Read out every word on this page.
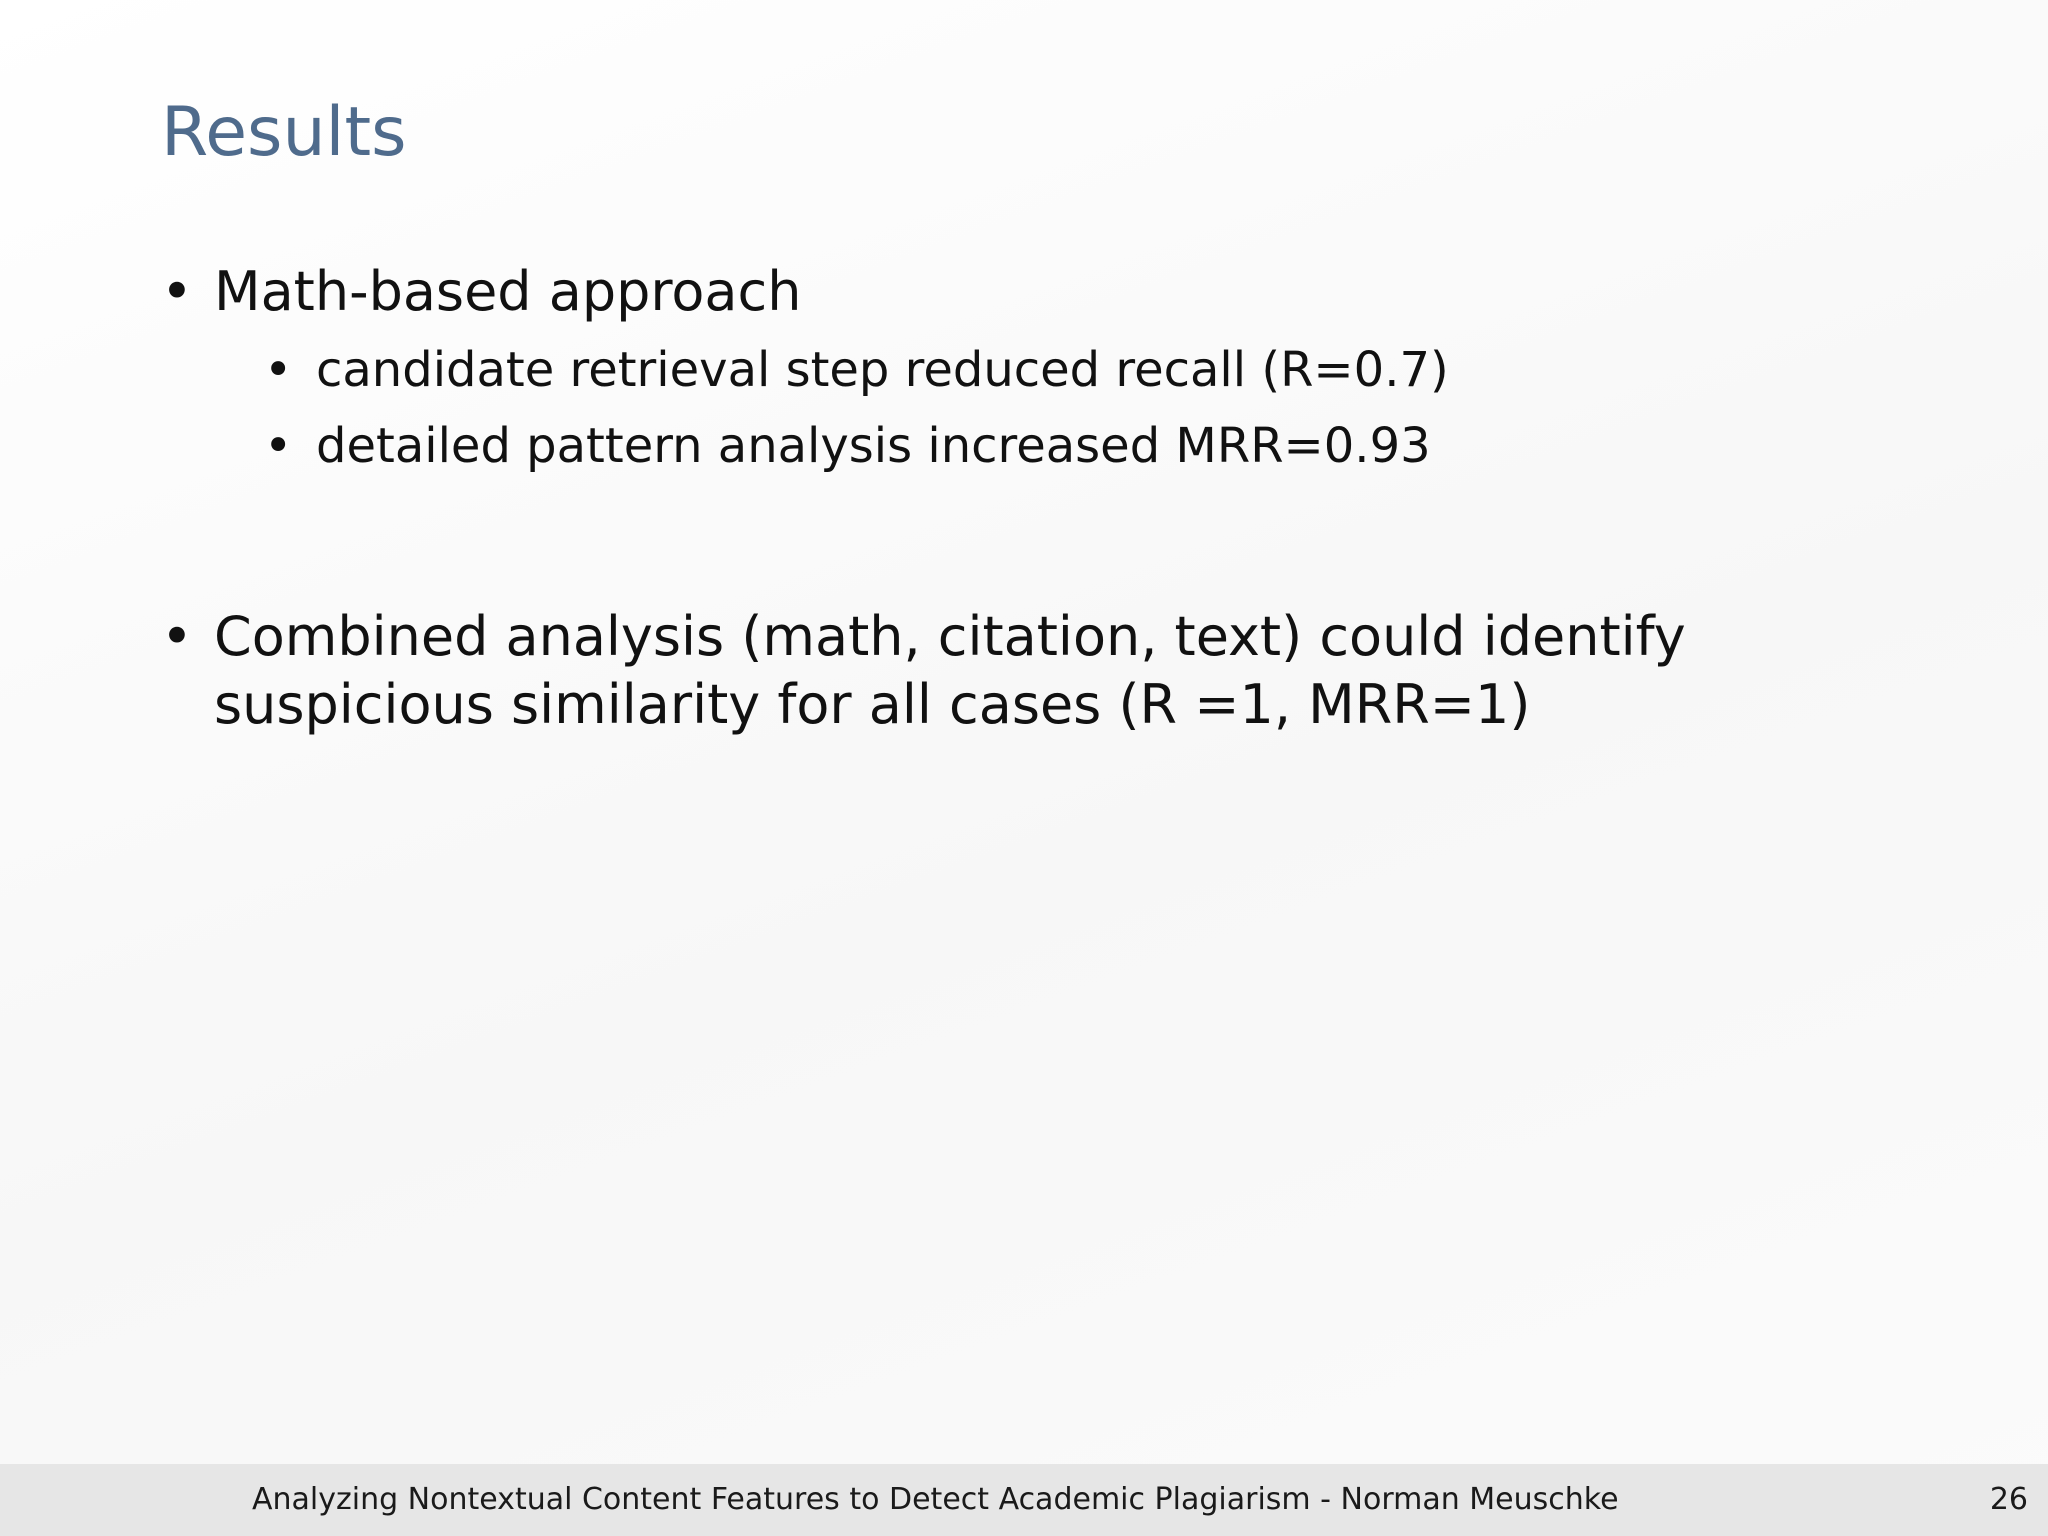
Results
• Math-based approach
• candidate retrieval step reduced recall (R=0.7)
• detailed pattern analysis increased MRR=0.93
• Combined analysis (math, citation, text) could identify suspicious similarity for all cases (R =1, MRR=1)
Analyzing Nontextual Content Features to Detect Academic Plagiarism - Norman Meuschke	26
